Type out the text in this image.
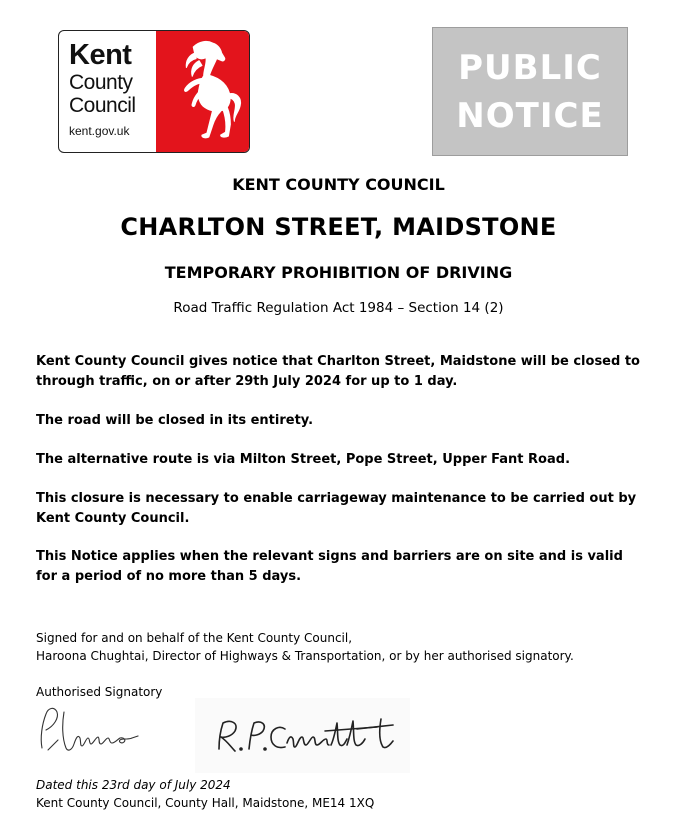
Kent
County
Council
kent.gov.uk
PUBLIC
NOTICE
KENT COUNTY COUNCIL
CHARLTON STREET, MAIDSTONE
TEMPORARY PROHIBITION OF DRIVING
Road Traffic Regulation Act 1984 – Section 14 (2)

Kent County Council gives notice that Charlton Street, Maidstone will be closed to through traffic, on or after 29th July 2024 for up to 1 day.

The road will be closed in its entirety.

The alternative route is via Milton Street, Pope Street, Upper Fant Road.

This closure is necessary to enable carriageway maintenance to be carried out by Kent County Council.

This Notice applies when the relevant signs and barriers are on site and is valid for a period of no more than 5 days.

Signed for and on behalf of the Kent County Council,
Haroona Chughtai, Director of Highways & Transportation, or by her authorised signatory.
Authorised Signatory
Dated this 23rd day of July 2024
Kent County Council, County Hall, Maidstone, ME14 1XQ
